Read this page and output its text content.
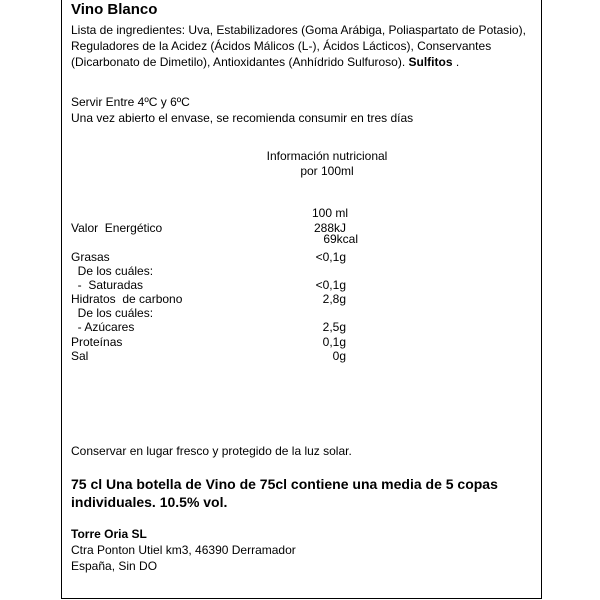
Vino Blanco
Lista de ingredientes: Uva, Estabilizadores (Goma Arábiga, Poliaspartato de Potasio), Reguladores de la Acidez (Ácidos Málicos (L-), Ácidos Lácticos), Conservantes (Dicarbonato de Dimetilo), Antioxidantes (Anhídrido Sulfuroso). Sulfitos .
Servir Entre 4ºC y 6ºC
Una vez abierto el envase, se recomienda consumir en tres días
Información nutricional
por 100ml
100 ml
Valor  Energético	288kJ
69kcal
Grasas	<0,1g
De los cuáles:
-  Saturadas	<0,1g
Hidratos  de carbono	2,8g
De los cuáles:
- Azúcares	2,5g
Proteínas	0,1g
Sal	0g
Conservar en lugar fresco y protegido de la luz solar.
75 cl Una botella de Vino de 75cl contiene una media de 5 copas individuales. 10.5% vol.
Torre Oria SL
Ctra Ponton Utiel km3, 46390 Derramador
España, Sin DO
